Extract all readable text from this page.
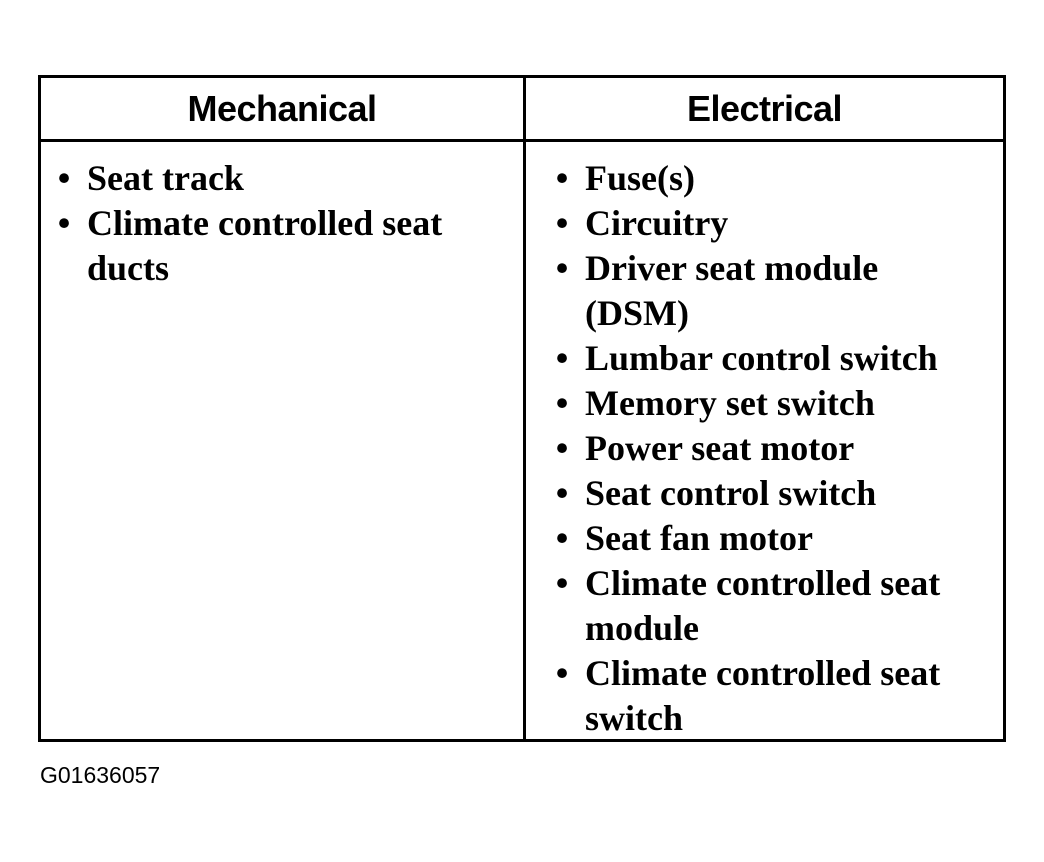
Mechanical	Electrical
• Seat track
• Climate controlled seat ducts
• Fuse(s)
• Circuitry
• Driver seat module (DSM)
• Lumbar control switch
• Memory set switch
• Power seat motor
• Seat control switch
• Seat fan motor
• Climate controlled seat module
• Climate controlled seat switch
G01636057
